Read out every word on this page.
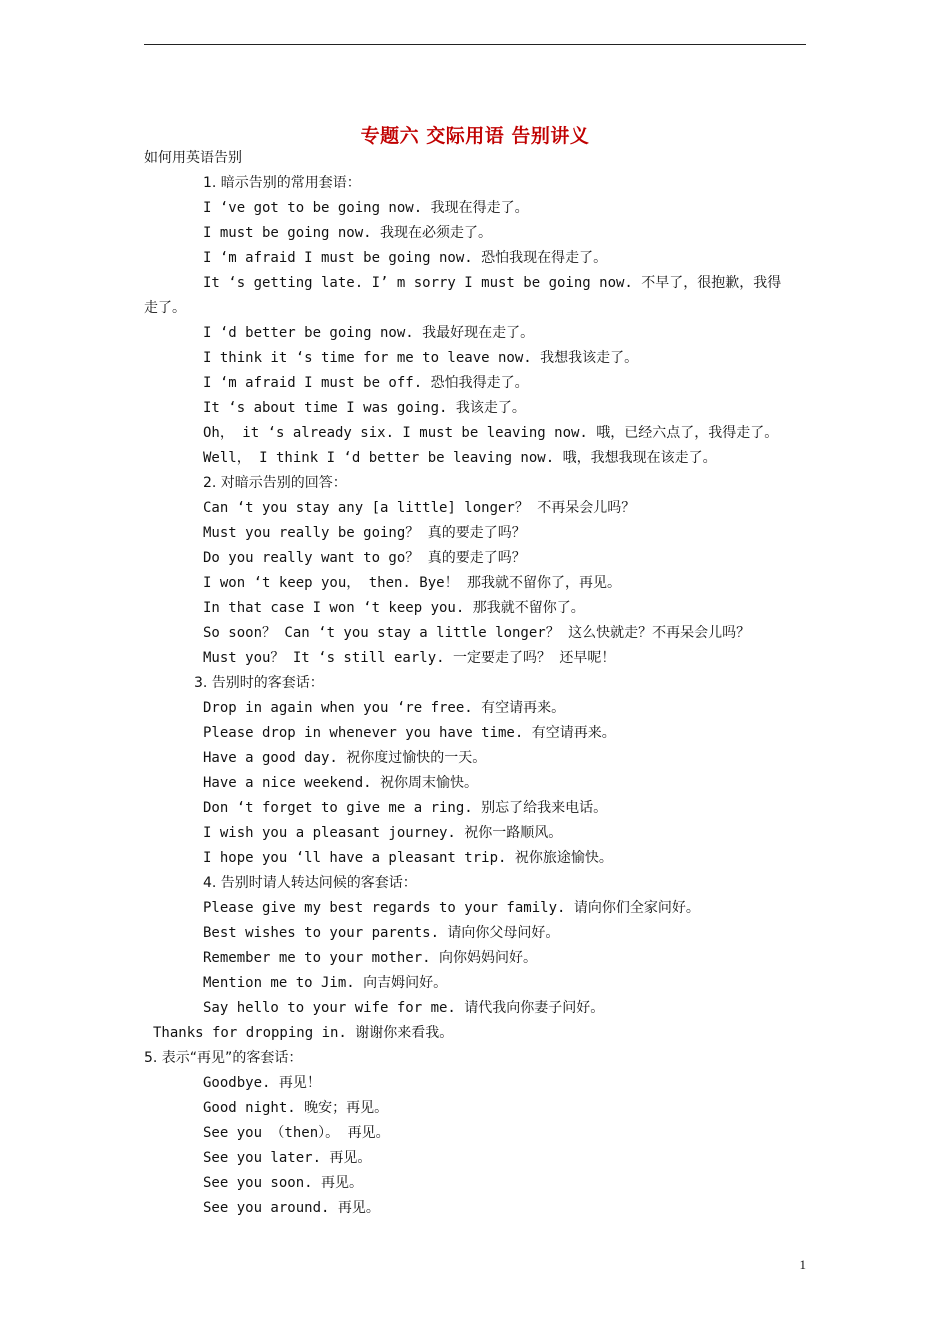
专题六 交际用语 告别讲义
如何用英语告别
1. 暗示告别的常用套语：
I ‘ve got to be going now. 我现在得走了。
I must be going now. 我现在必须走了。
I ‘m afraid I must be going now. 恐怕我现在得走了。
It ‘s getting late. I’ m sorry I must be going now. 不早了，很抱歉，我得
走了。
I ‘d better be going now. 我最好现在走了。
I think it ‘s time for me to leave now. 我想我该走了。
I ‘m afraid I must be off. 恐怕我得走了。
It ‘s about time I was going. 我该走了。
Oh， it ‘s already six. I must be leaving now. 哦，已经六点了，我得走了。
Well， I think I ‘d better be leaving now. 哦，我想我现在该走了。
2. 对暗示告别的回答：
Can ‘t you stay any [a little] longer？ 不再呆会儿吗？
Must you really be going？ 真的要走了吗？
Do you really want to go？ 真的要走了吗？
I won ‘t keep you， then. Bye！ 那我就不留你了，再见。
In that case I won ‘t keep you. 那我就不留你了。
So soon？ Can ‘t you stay a little longer？ 这么快就走？不再呆会儿吗？
Must you？ It ‘s still early. 一定要走了吗？ 还早呢！
3. 告别时的客套话：
Drop in again when you ‘re free. 有空请再来。
Please drop in whenever you have time. 有空请再来。
Have a good day. 祝你度过愉快的一天。
Have a nice weekend. 祝你周末愉快。
Don ‘t forget to give me a ring. 别忘了给我来电话。
I wish you a pleasant journey. 祝你一路顺风。
I hope you ‘ll have a pleasant trip. 祝你旅途愉快。
4. 告别时请人转达问候的客套话：
Please give my best regards to your family. 请向你们全家问好。
Best wishes to your parents. 请向你父母问好。
Remember me to your mother. 向你妈妈问好。
Mention me to Jim. 向吉姆问好。
Say hello to your wife for me. 请代我向你妻子问好。
Thanks for dropping in. 谢谢你来看我。
5. 表示“再见”的客套话：
Goodbye. 再见！
Good night. 晚安；再见。
See you （then）。 再见。
See you later. 再见。
See you soon. 再见。
See you around. 再见。
1
